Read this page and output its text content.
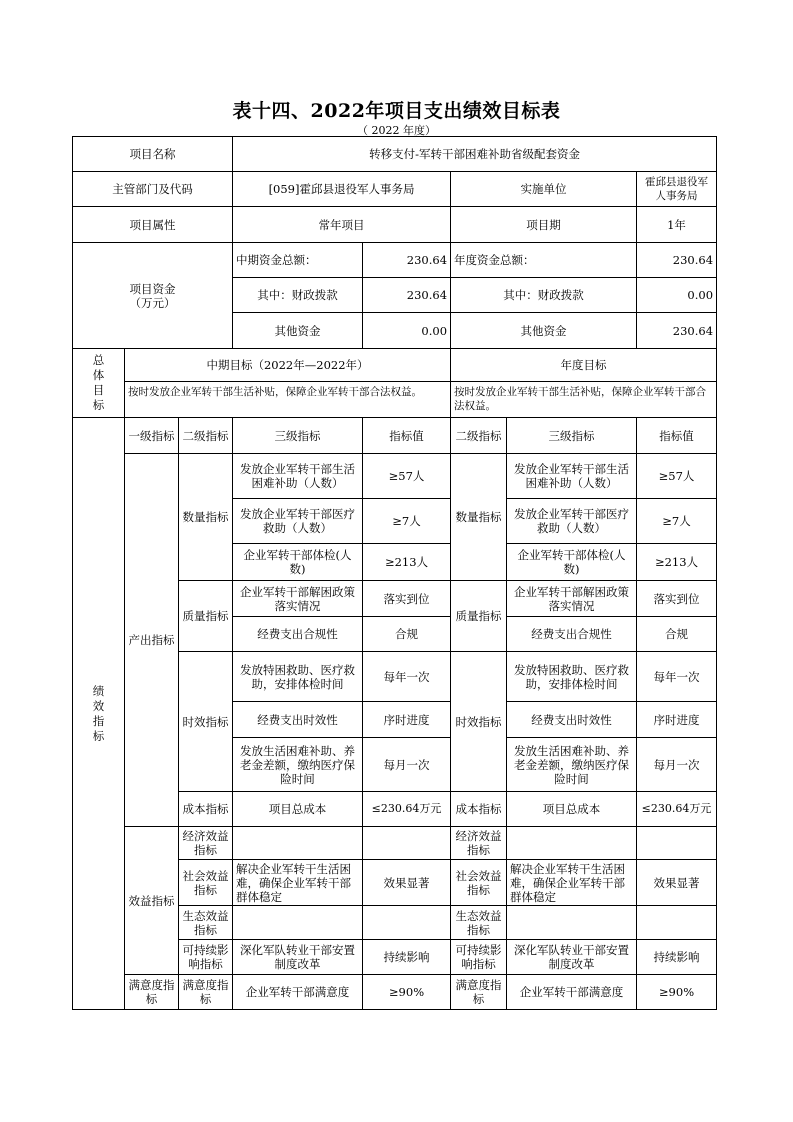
表十四、2022年项目支出绩效目标表
（ 2022 年度）
项目名称			转移支付-军转干部困难补助省级配套资金				
主管部门及代码			[059]霍邱县退役军人事务局		实施单位		霍邱县退役军人事务局
项目属性			常年项目		项目期		1年
项目资金（万元）			中期资金总额：	230.64	年度资金总额：		230.64
			其中：财政拨款	230.64	其中：财政拨款		0.00
			其他资金	0.00	其他资金		230.64
总体目标	中期目标（2022年—2022年）				年度目标		
	按时发放企业军转干部生活补贴，保障企业军转干部合法权益。				按时发放企业军转干部生活补贴，保障企业军转干部合法权益。		
绩效指标	一级指标	二级指标	三级指标	指标值	二级指标	三级指标	指标值
	产出指标	数量指标	发放企业军转干部生活困难补助（人数）	≥57人	数量指标	发放企业军转干部生活困难补助（人数）	≥57人
			发放企业军转干部医疗救助（人数）	≥7人		发放企业军转干部医疗救助（人数）	≥7人
			企业军转干部体检(人数)	≥213人		企业军转干部体检(人数)	≥213人
		质量指标	企业军转干部解困政策落实情况	落实到位	质量指标	企业军转干部解困政策落实情况	落实到位
			经费支出合规性	合规		经费支出合规性	合规
		时效指标	发放特困救助、医疗救助，安排体检时间	每年一次	时效指标	发放特困救助、医疗救助，安排体检时间	每年一次
			经费支出时效性	序时进度		经费支出时效性	序时进度
			发放生活困难补助、养老金差额，缴纳医疗保险时间	每月一次		发放生活困难补助、养老金差额，缴纳医疗保险时间	每月一次
		成本指标	项目总成本	≤230.64万元	成本指标	项目总成本	≤230.64万元
	效益指标	经济效益指标			经济效益指标		
		社会效益指标	解决企业军转干生活困难，确保企业军转干部群体稳定	效果显著	社会效益指标	解决企业军转干生活困难，确保企业军转干部群体稳定	效果显著
		生态效益指标			生态效益指标		
		可持续影响指标	深化军队转业干部安置制度改革	持续影响	可持续影响指标	深化军队转业干部安置制度改革	持续影响
	满意度指标	满意度指标	企业军转干部满意度	≥90%	满意度指标	企业军转干部满意度	≥90%
